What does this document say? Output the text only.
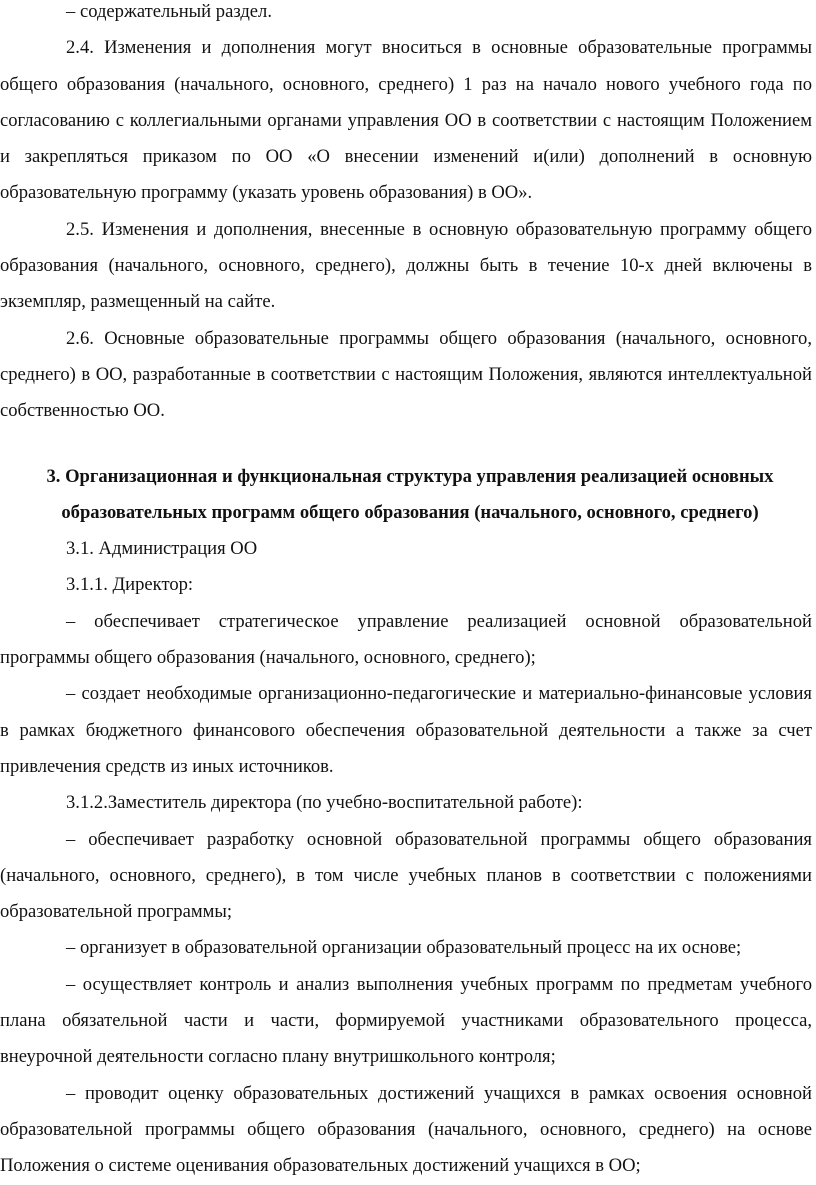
– содержательный раздел.

2.4. Изменения и дополнения могут вноситься в основные образовательные программы общего образования (начального, основного, среднего) 1 раз на начало нового учебного года по согласованию с коллегиальными органами управления ОО в соответствии с настоящим Положением и закрепляться приказом по ОО «О внесении изменений и(или) дополнений в основную образовательную программу (указать уровень образования) в ОО».

2.5. Изменения и дополнения, внесенные в основную образовательную программу общего образования (начального, основного, среднего), должны быть в течение 10-х дней включены в экземпляр, размещенный на сайте.

2.6. Основные образовательные программы общего образования (начального, основного, среднего) в ОО, разработанные в соответствии с настоящим Положения, являются интеллектуальной собственностью ОО.

3. Организационная и функциональная структура управления реализацией основных образовательных программ общего образования (начального, основного, среднего)

3.1. Администрация ОО

3.1.1. Директор:

– обеспечивает стратегическое управление реализацией основной образовательной программы общего образования (начального, основного, среднего);

– создает необходимые организационно-педагогические и материально-финансовые условия в рамках бюджетного финансового обеспечения образовательной деятельности а также за счет привлечения средств из иных источников.

3.1.2.Заместитель директора (по учебно-воспитательной работе):

– обеспечивает разработку основной образовательной программы общего образования (начального, основного, среднего), в том числе учебных планов в соответствии с положениями образовательной программы;

– организует в образовательной организации образовательный процесс на их основе;

– осуществляет контроль и анализ выполнения учебных программ по предметам учебного плана обязательной части и части, формируемой участниками образовательного процесса, внеурочной деятельности согласно плану внутришкольного контроля;

– проводит оценку образовательных достижений учащихся в рамках освоения основной образовательной программы общего образования (начального, основного, среднего) на основе Положения о системе оценивания образовательных достижений учащихся в ОО;
